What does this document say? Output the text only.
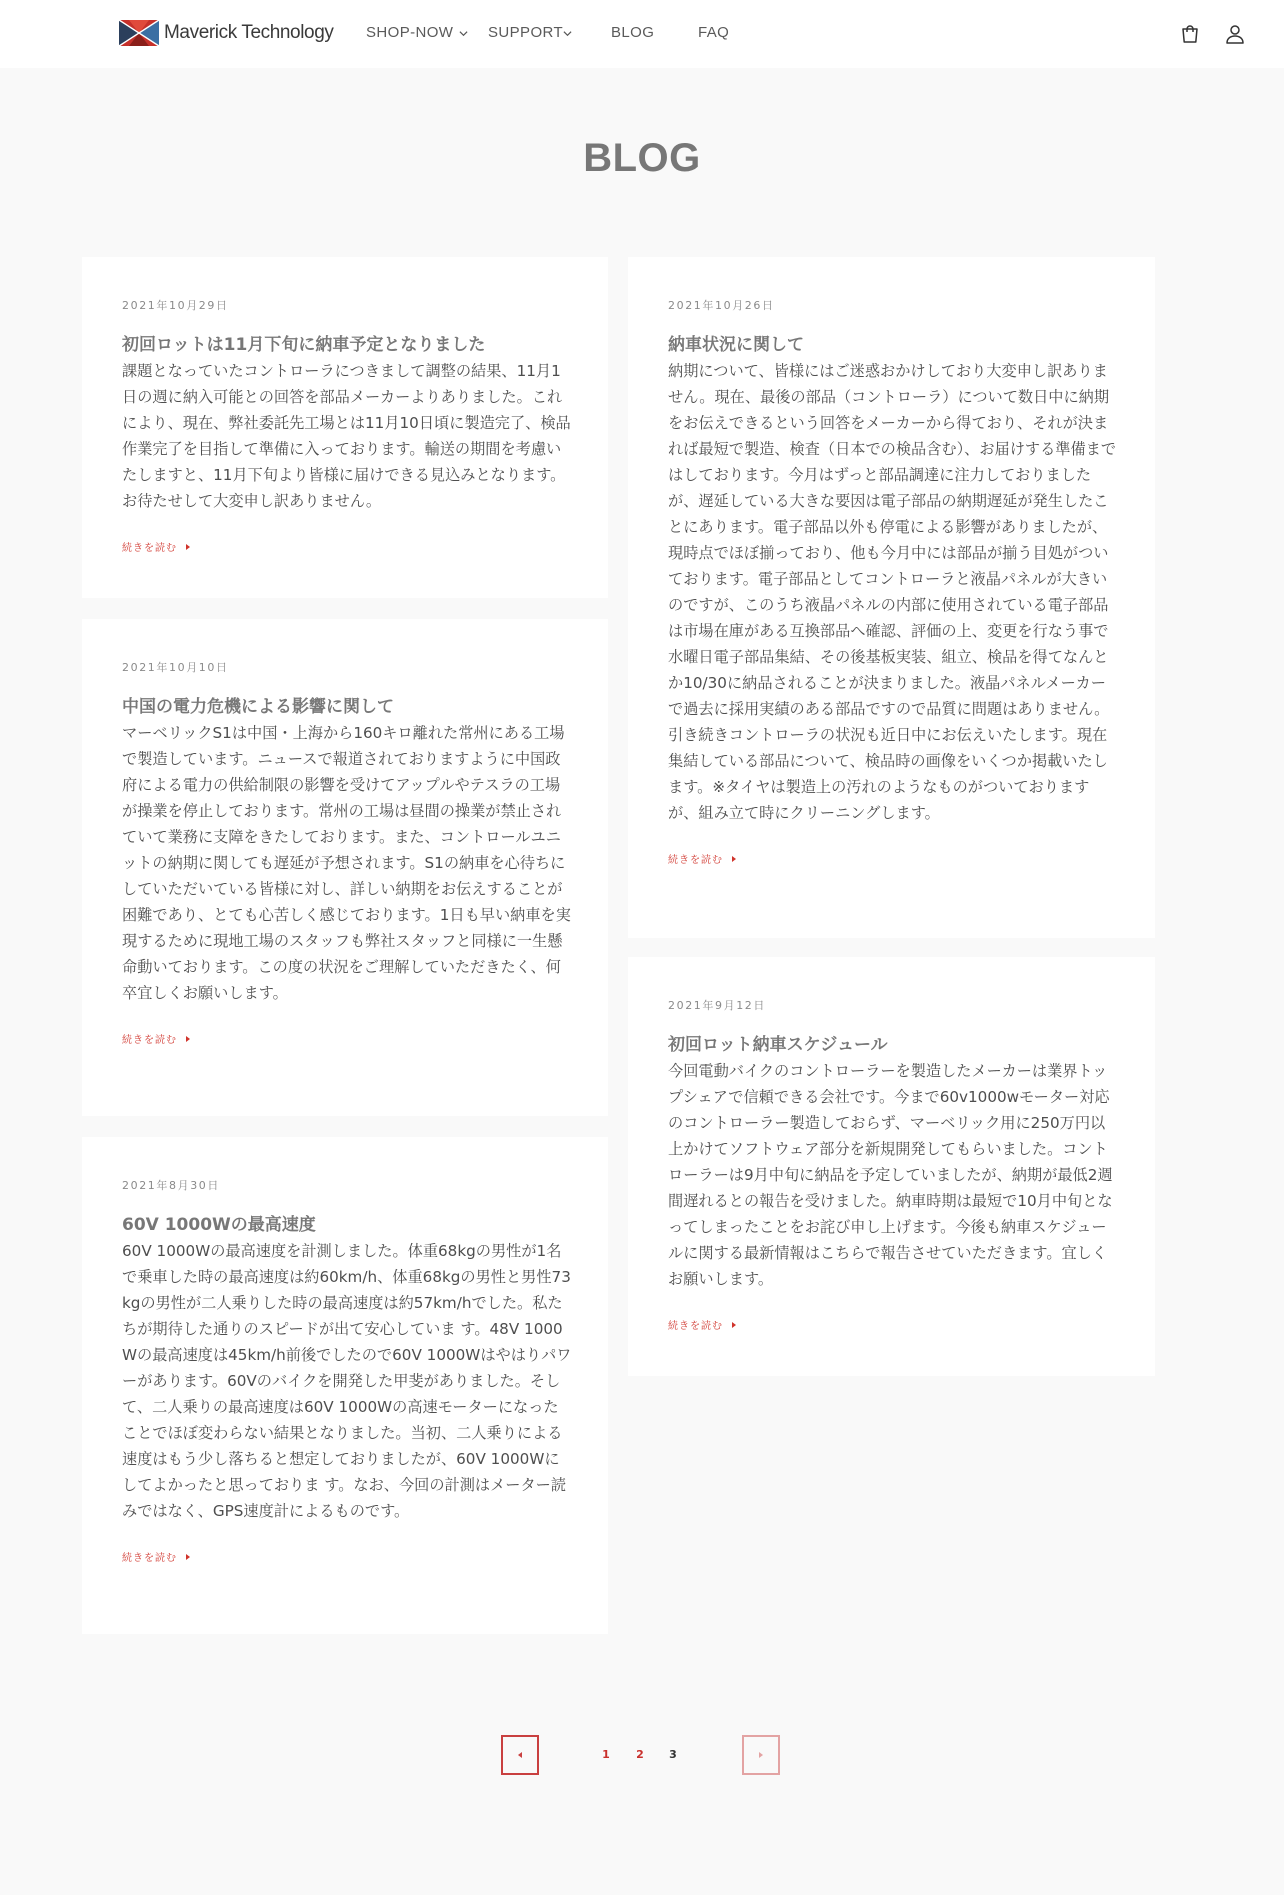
Maverick Technology SHOP-NOW SUPPORT	BLOG	FAQ
BLOG
2021年10月29日
初回ロットは11月下旬に納車予定となりました
課題となっていたコントローラにつきまして調整の結果、11月1日の週に納入可能との回答を部品メーカーよりありました。これにより、現在、弊社委託先工場とは11月10日頃に製造完了、検品作業完了を目指して準備に入っております。輸送の期間を考慮いたしますと、11月下旬より皆様に届けできる見込みとなります。お待たせして大変申し訳ありません。
続きを読む
2021年10月10日
中国の電力危機による影響に関して
マーベリックS1は中国・上海から160キロ離れた常州にある工場で製造しています。ニュースで報道されておりますように中国政府による電力の供給制限の影響を受けてアップルやテスラの工場が操業を停止しております。常州の工場は昼間の操業が禁止されていて業務に支障をきたしております。また、コントロールユニットの納期に関しても遅延が予想されます。S1の納車を心待ちにしていただいている皆様に対し、詳しい納期をお伝えすることが困難であり、とても心苦しく感じております。1日も早い納車を実現するために現地工場のスタッフも弊社スタッフと同様に一生懸命動いております。この度の状況をご理解していただきたく、何卒宜しくお願いします。
続きを読む
2021年8月30日
60V 1000Wの最高速度
60V 1000Wの最高速度を計測しました。体重68kgの男性が1名で乗車した時の最高速度は約60km/h、体重68kgの男性と男性73kgの男性が二人乗りした時の最高速度は約57km/hでした。私たちが期待した通りのスピードが出て安心していま す。48V 1000Wの最高速度は45km/h前後でしたので60V 1000Wはやはりパワーがあります。60Vのバイクを開発した甲斐がありました。そして、二人乗りの最高速度は60V 1000Wの高速モーターになったことでほぼ変わらない結果となりました。当初、二人乗りによる速度はもう少し落ちると想定しておりましたが、60V 1000Wにしてよかったと思っておりま す。なお、今回の計測はメーター読みではなく、GPS速度計によるものです。
続きを読む
2021年10月26日
納車状況に関して
納期について、皆様にはご迷惑おかけしており大変申し訳ありません。現在、最後の部品（コントローラ）について数日中に納期をお伝えできるという回答をメーカーから得ており、それが決まれば最短で製造、検査（日本での検品含む）、お届けする準備まではしております。今月はずっと部品調達に注力しておりましたが、遅延している大きな要因は電子部品の納期遅延が発生したことにあります。電子部品以外も停電による影響がありましたが、現時点でほぼ揃っており、他も今月中には部品が揃う目処がついております。電子部品としてコントローラと液晶パネルが大きいのですが、このうち液晶パネルの内部に使用されている電子部品は市場在庫がある互換部品へ確認、評価の上、変更を行なう事で水曜日電子部品集結、その後基板実装、組立、検品を得てなんとか10/30に納品されることが決まりました。液晶パネルメーカーで過去に採用実績のある部品ですので品質に問題はありません。引き続きコントローラの状況も近日中にお伝えいたします。現在集結している部品について、検品時の画像をいくつか掲載いたします。※タイヤは製造上の汚れのようなものがついておりますが、組み立て時にクリーニングします。
続きを読む
2021年9月12日
初回ロット納車スケジュール
今回電動バイクのコントローラーを製造したメーカーは業界トップシェアで信頼できる会社です。今まで60v1000wモーター対応のコントローラー製造しておらず、マーベリック用に250万円以上かけてソフトウェア部分を新規開発してもらいました。コントローラーは9月中旬に納品を予定していましたが、納期が最低2週間遅れるとの報告を受けました。納車時期は最短で10月中旬となってしまったことをお詫び申し上げます。今後も納車スケジュールに関する最新情報はこちらで報告させていただきます。宜しくお願いします。
続きを読む
1	2	3
